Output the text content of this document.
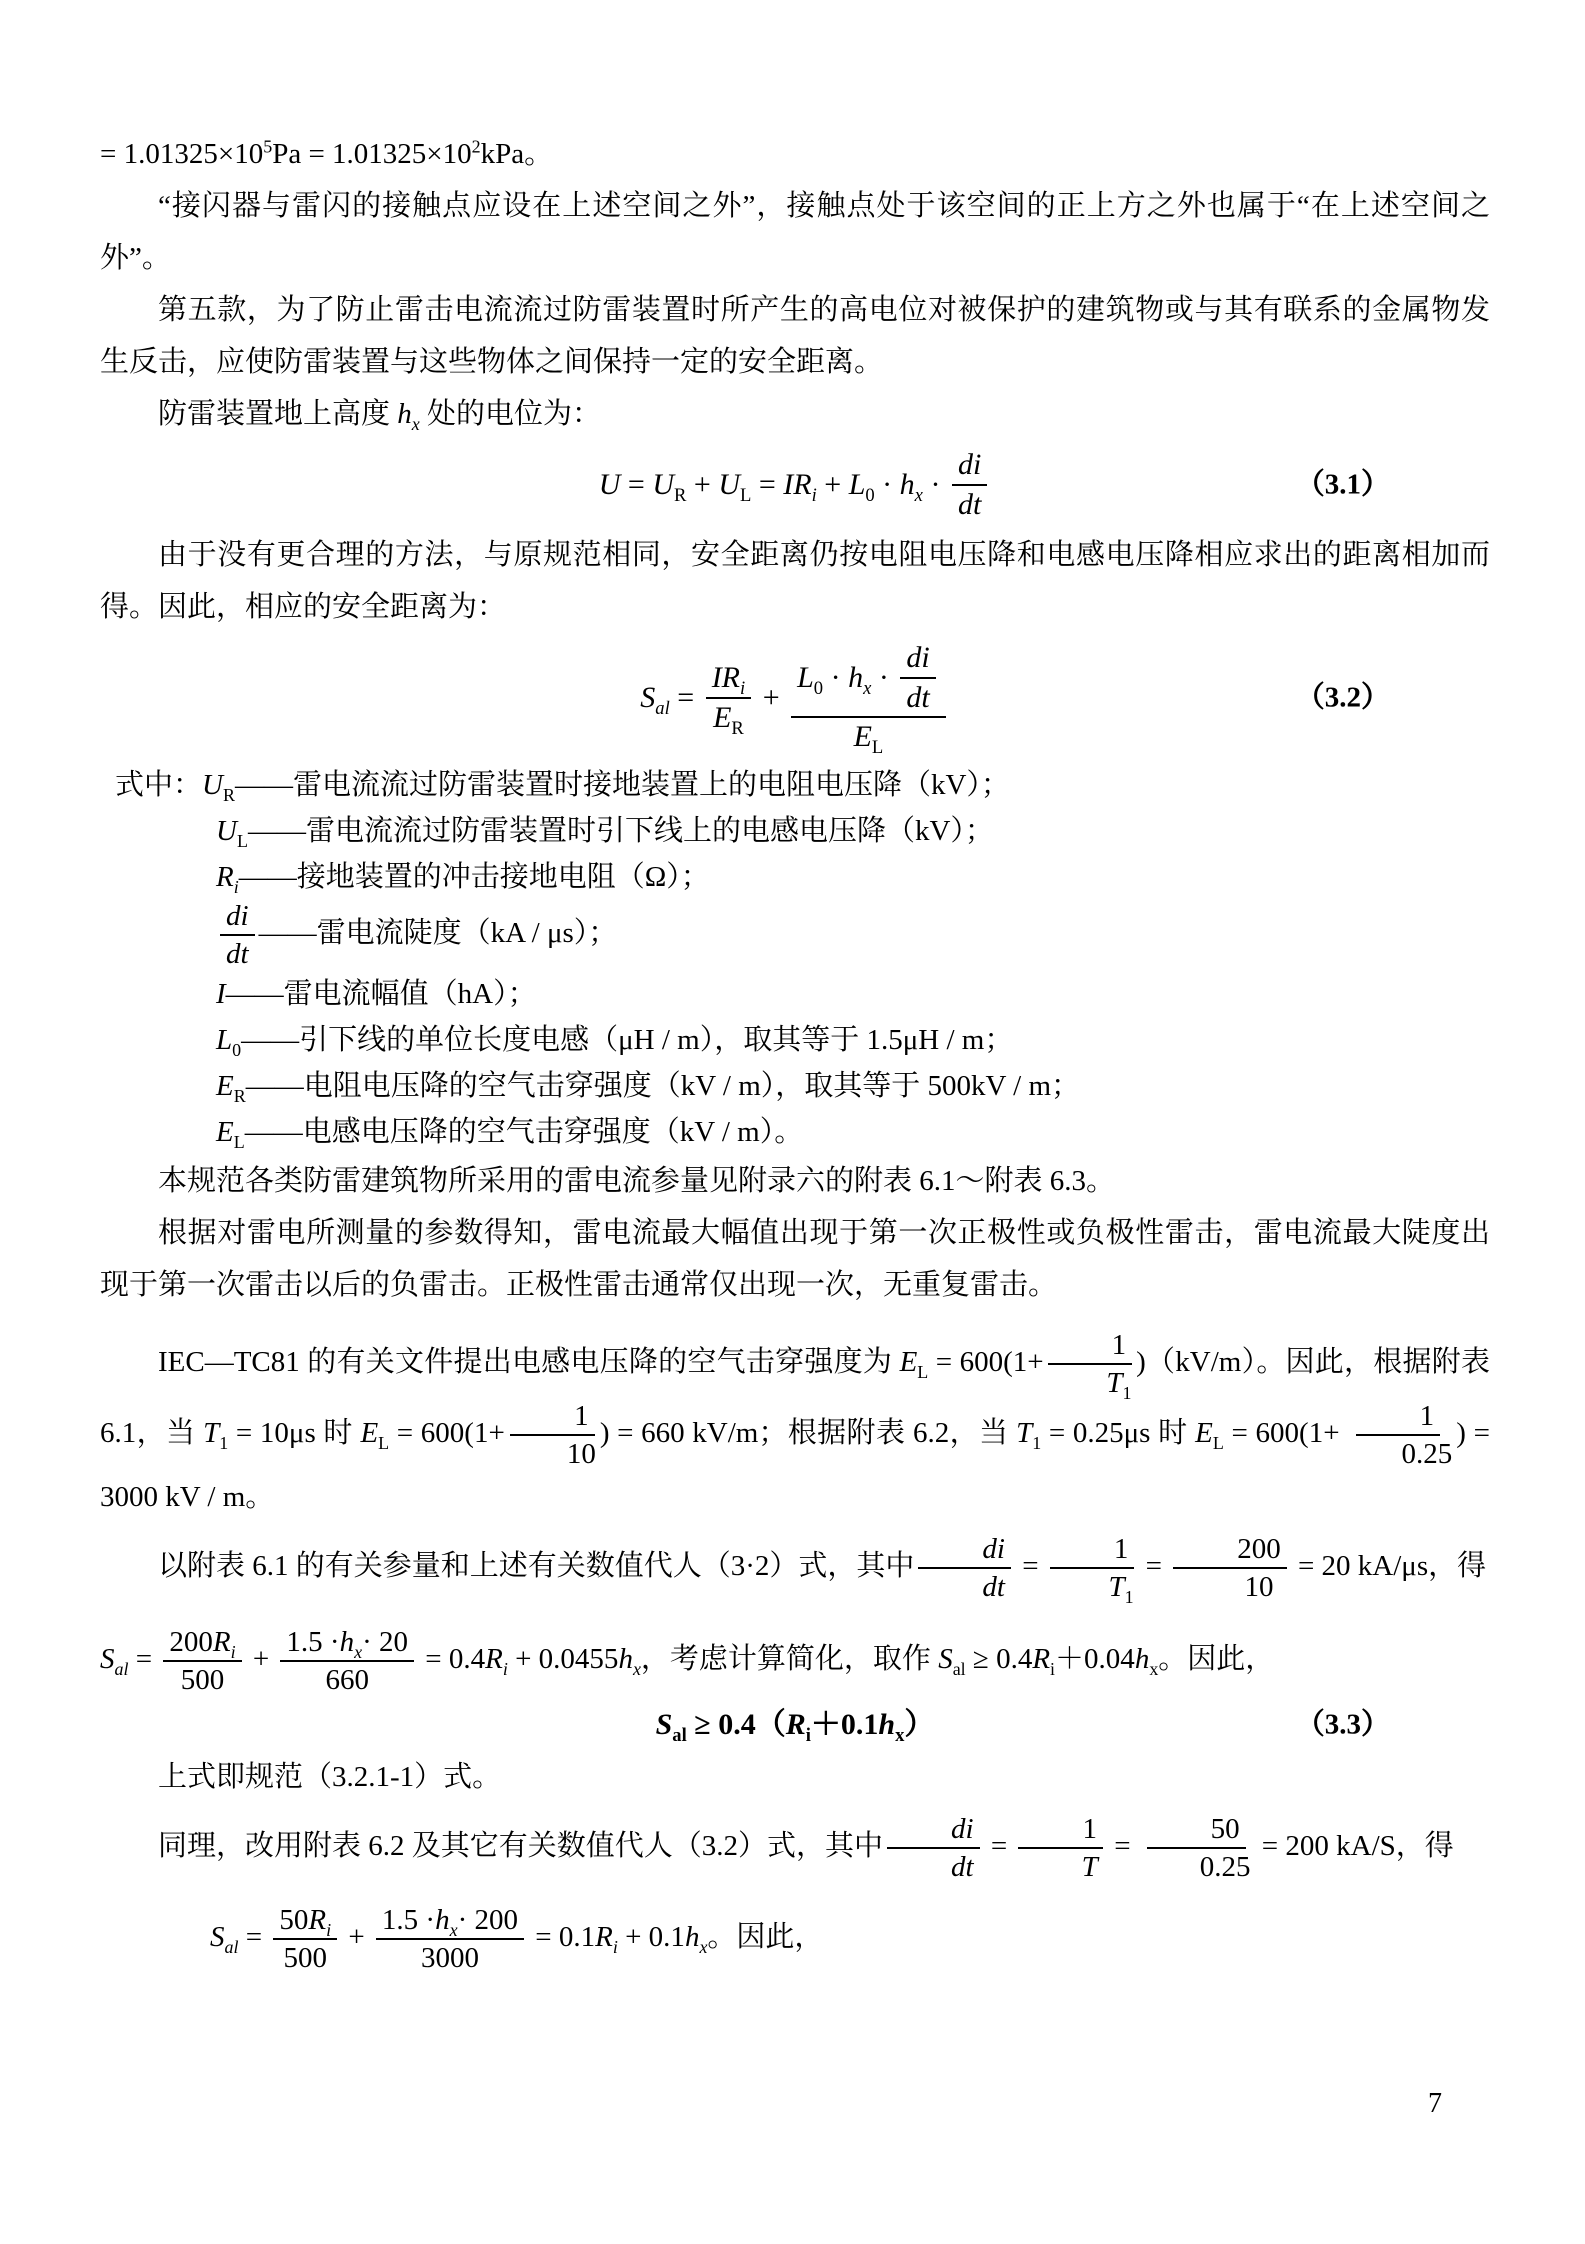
= $1.01325\times 10^5Pa = 1.01325\times 10^2kPa$。

“接闪器与雷闪的接触点应设在上述空间之外”，接触点处于该空间的正上方之外也属于“在上述空间之外”。

第五款，为了防止雷击电流流过防雷装置时所产生的高电位对被保护的建筑物或与其有联系的金属物发生反击，应使防雷装置与这些物体之间保持一定的安全距离。

防雷装置地上高度 $h_x$ 处的电位为：

$U = U_R + U_L = IR_i + L_0 \cdot h_x \cdot \frac{di}{dt}$	（3.1）

由于没有更合理的方法，与原规范相同，安全距离仍按电阻电压降和电感电压降相应求出的距离相加而得。因此，相应的安全距离为：

$S_{al} = \frac{IR_i}{E_R} + \frac{L_0 \cdot h_x \cdot \frac{di}{dt}}{E_L}$	（3.2）
式中：$U_R——$雷电流流过防雷装置时接地装置上的电阻电压降（kV）；
$U_L——$雷电流流过防雷装置时引下线上的电感电压降（kV）；
$R_i——$接地装置的冲击接地电阻（Ω）；
$\frac{di}{dt}$ ——雷电流陡度（kA / μs）；
I——雷电流幅值（hA）；
$L_0——$引下线的单位长度电感（μH / m），取其等于 1.5μH / m；
$E_R——$电阻电压降的空气击穿强度（kV / m），取其等于 500kV / m；
$E_L——$电感电压降的空气击穿强度（kV / m）。

本规范各类防雷建筑物所采用的雷电流参量见附录六的附表 6.1～附表 6.3。

根据对雷电所测量的参数得知，雷电流最大幅值出现于第一次正极性或负极性雷击，雷电流最大陡度出现于第一次雷击以后的负雷击。正极性雷击通常仅出现一次，无重复雷击。

IEC—TC81 的有关文件提出电感电压降的空气击穿强度为 $E_L = 600(1+ \frac{1}{T_1} )(kV/m)$。因此，根据附表 6.1，当 $T_1 = 10\mu s$ 时 $E_L = 600(1+ \frac{1}{10}$ ) = 660 kV/m；根据附表 6.2，当 $T_1 = 0.25\mu s$ 时 $E_L = 600(1+ \frac{1}{0.25}$ ) = 3000 kV / m。

以附表 6.1 的有关参量和上述有关数值代人（3·2）式，其中 $\frac{di}{dt} = \frac{1}{T_1} = \frac{200}{10} = 20$ kA/μs，得

$S_{al} = \frac{200 R_i}{500} + \frac{1.5 \cdot h_x \cdot 20}{660} = 0.4R_i + 0.0455h_x$，考虑计算简化，取作 $S_{al} \ge 0.4R_i+0.04h_x$。因此，

$S_{al} \ge 0.4$（ $R_i +0.1$ $h_x$ ）	（3.3）

上式即规范（3.2.1-1）式。

同理，改用附表 6.2 及其它有关数值代人（3.2）式，其中 $\frac{di}{dt} = \frac{1}{T} = \frac{50}{0.25} = 200$ kA/S，得

$S_{al} = \frac{50 R_i}{500} + \frac{1.5 \cdot h_x \cdot 200}{3000} = 0.1R_i + 0.1h_x$。因此，

7
